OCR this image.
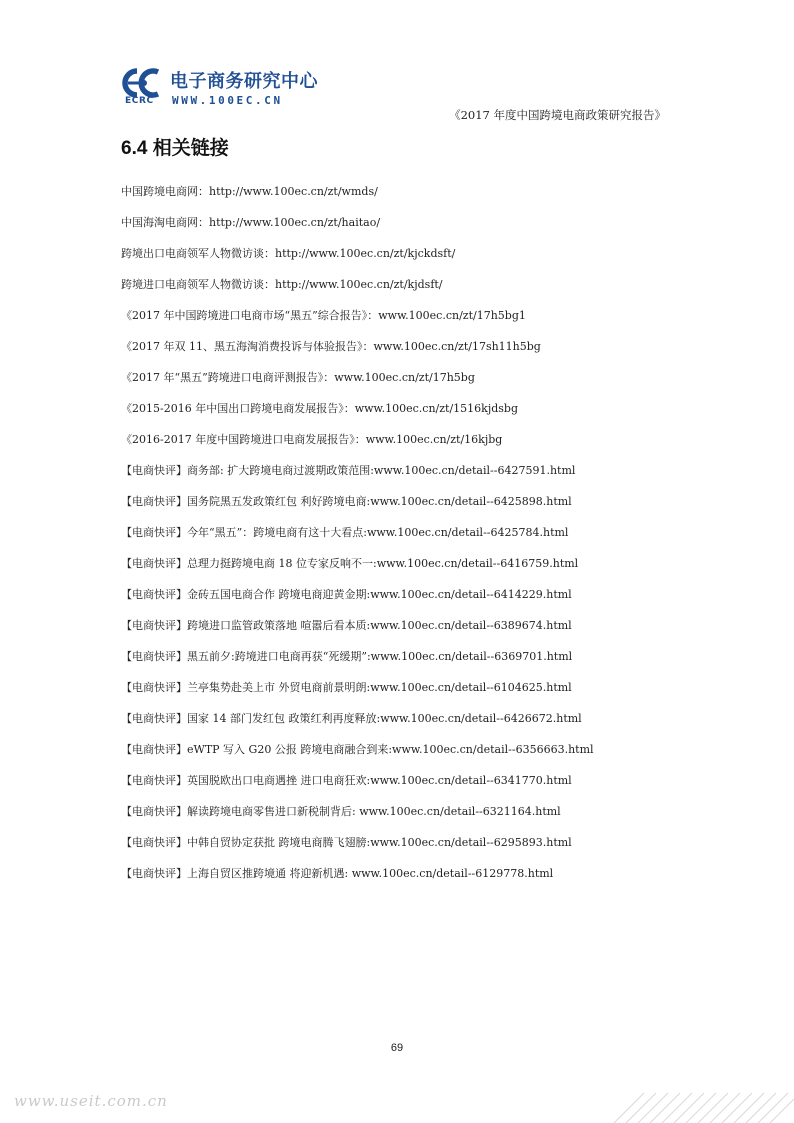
电子商务研究中心
ECRC WWW.100EC.CN
《2017 年度中国跨境电商政策研究报告》
6.4 相关链接
中国跨境电商网：http://www.100ec.cn/zt/wmds/
中国海淘电商网：http://www.100ec.cn/zt/haitao/
跨境出口电商领军人物微访谈：http://www.100ec.cn/zt/kjckdsft/
跨境进口电商领军人物微访谈：http://www.100ec.cn/zt/kjdsft/
《2017 年中国跨境进口电商市场“黑五”综合报告》：www.100ec.cn/zt/17h5bg1
《2017 年双 11、黑五海淘消费投诉与体验报告》：www.100ec.cn/zt/17sh11h5bg
《2017 年“黑五”跨境进口电商评测报告》：www.100ec.cn/zt/17h5bg
《2015-2016 年中国出口跨境电商发展报告》：www.100ec.cn/zt/1516kjdsbg
《2016-2017 年度中国跨境进口电商发展报告》：www.100ec.cn/zt/16kjbg
【电商快评】商务部: 扩大跨境电商过渡期政策范围:www.100ec.cn/detail--6427591.html
【电商快评】国务院黑五发政策红包 利好跨境电商:www.100ec.cn/detail--6425898.html
【电商快评】今年“黑五”：跨境电商有这十大看点:www.100ec.cn/detail--6425784.html
【电商快评】总理力挺跨境电商 18 位专家反响不一:www.100ec.cn/detail--6416759.html
【电商快评】金砖五国电商合作 跨境电商迎黄金期:www.100ec.cn/detail--6414229.html
【电商快评】跨境进口监管政策落地 喧嚣后看本质:www.100ec.cn/detail--6389674.html
【电商快评】黑五前夕:跨境进口电商再获“死缓期”:www.100ec.cn/detail--6369701.html
【电商快评】兰亭集势赴美上市 外贸电商前景明朗:www.100ec.cn/detail--6104625.html
【电商快评】国家 14 部门发红包 政策红利再度释放:www.100ec.cn/detail--6426672.html
【电商快评】eWTP 写入 G20 公报 跨境电商融合到来:www.100ec.cn/detail--6356663.html
【电商快评】英国脱欧出口电商遇挫 进口电商狂欢:www.100ec.cn/detail--6341770.html
【电商快评】解读跨境电商零售进口新税制背后: www.100ec.cn/detail--6321164.html
【电商快评】中韩自贸协定获批 跨境电商腾飞翅膀:www.100ec.cn/detail--6295893.html
【电商快评】上海自贸区推跨境通 将迎新机遇: www.100ec.cn/detail--6129778.html
69
www.useit.com.cn
